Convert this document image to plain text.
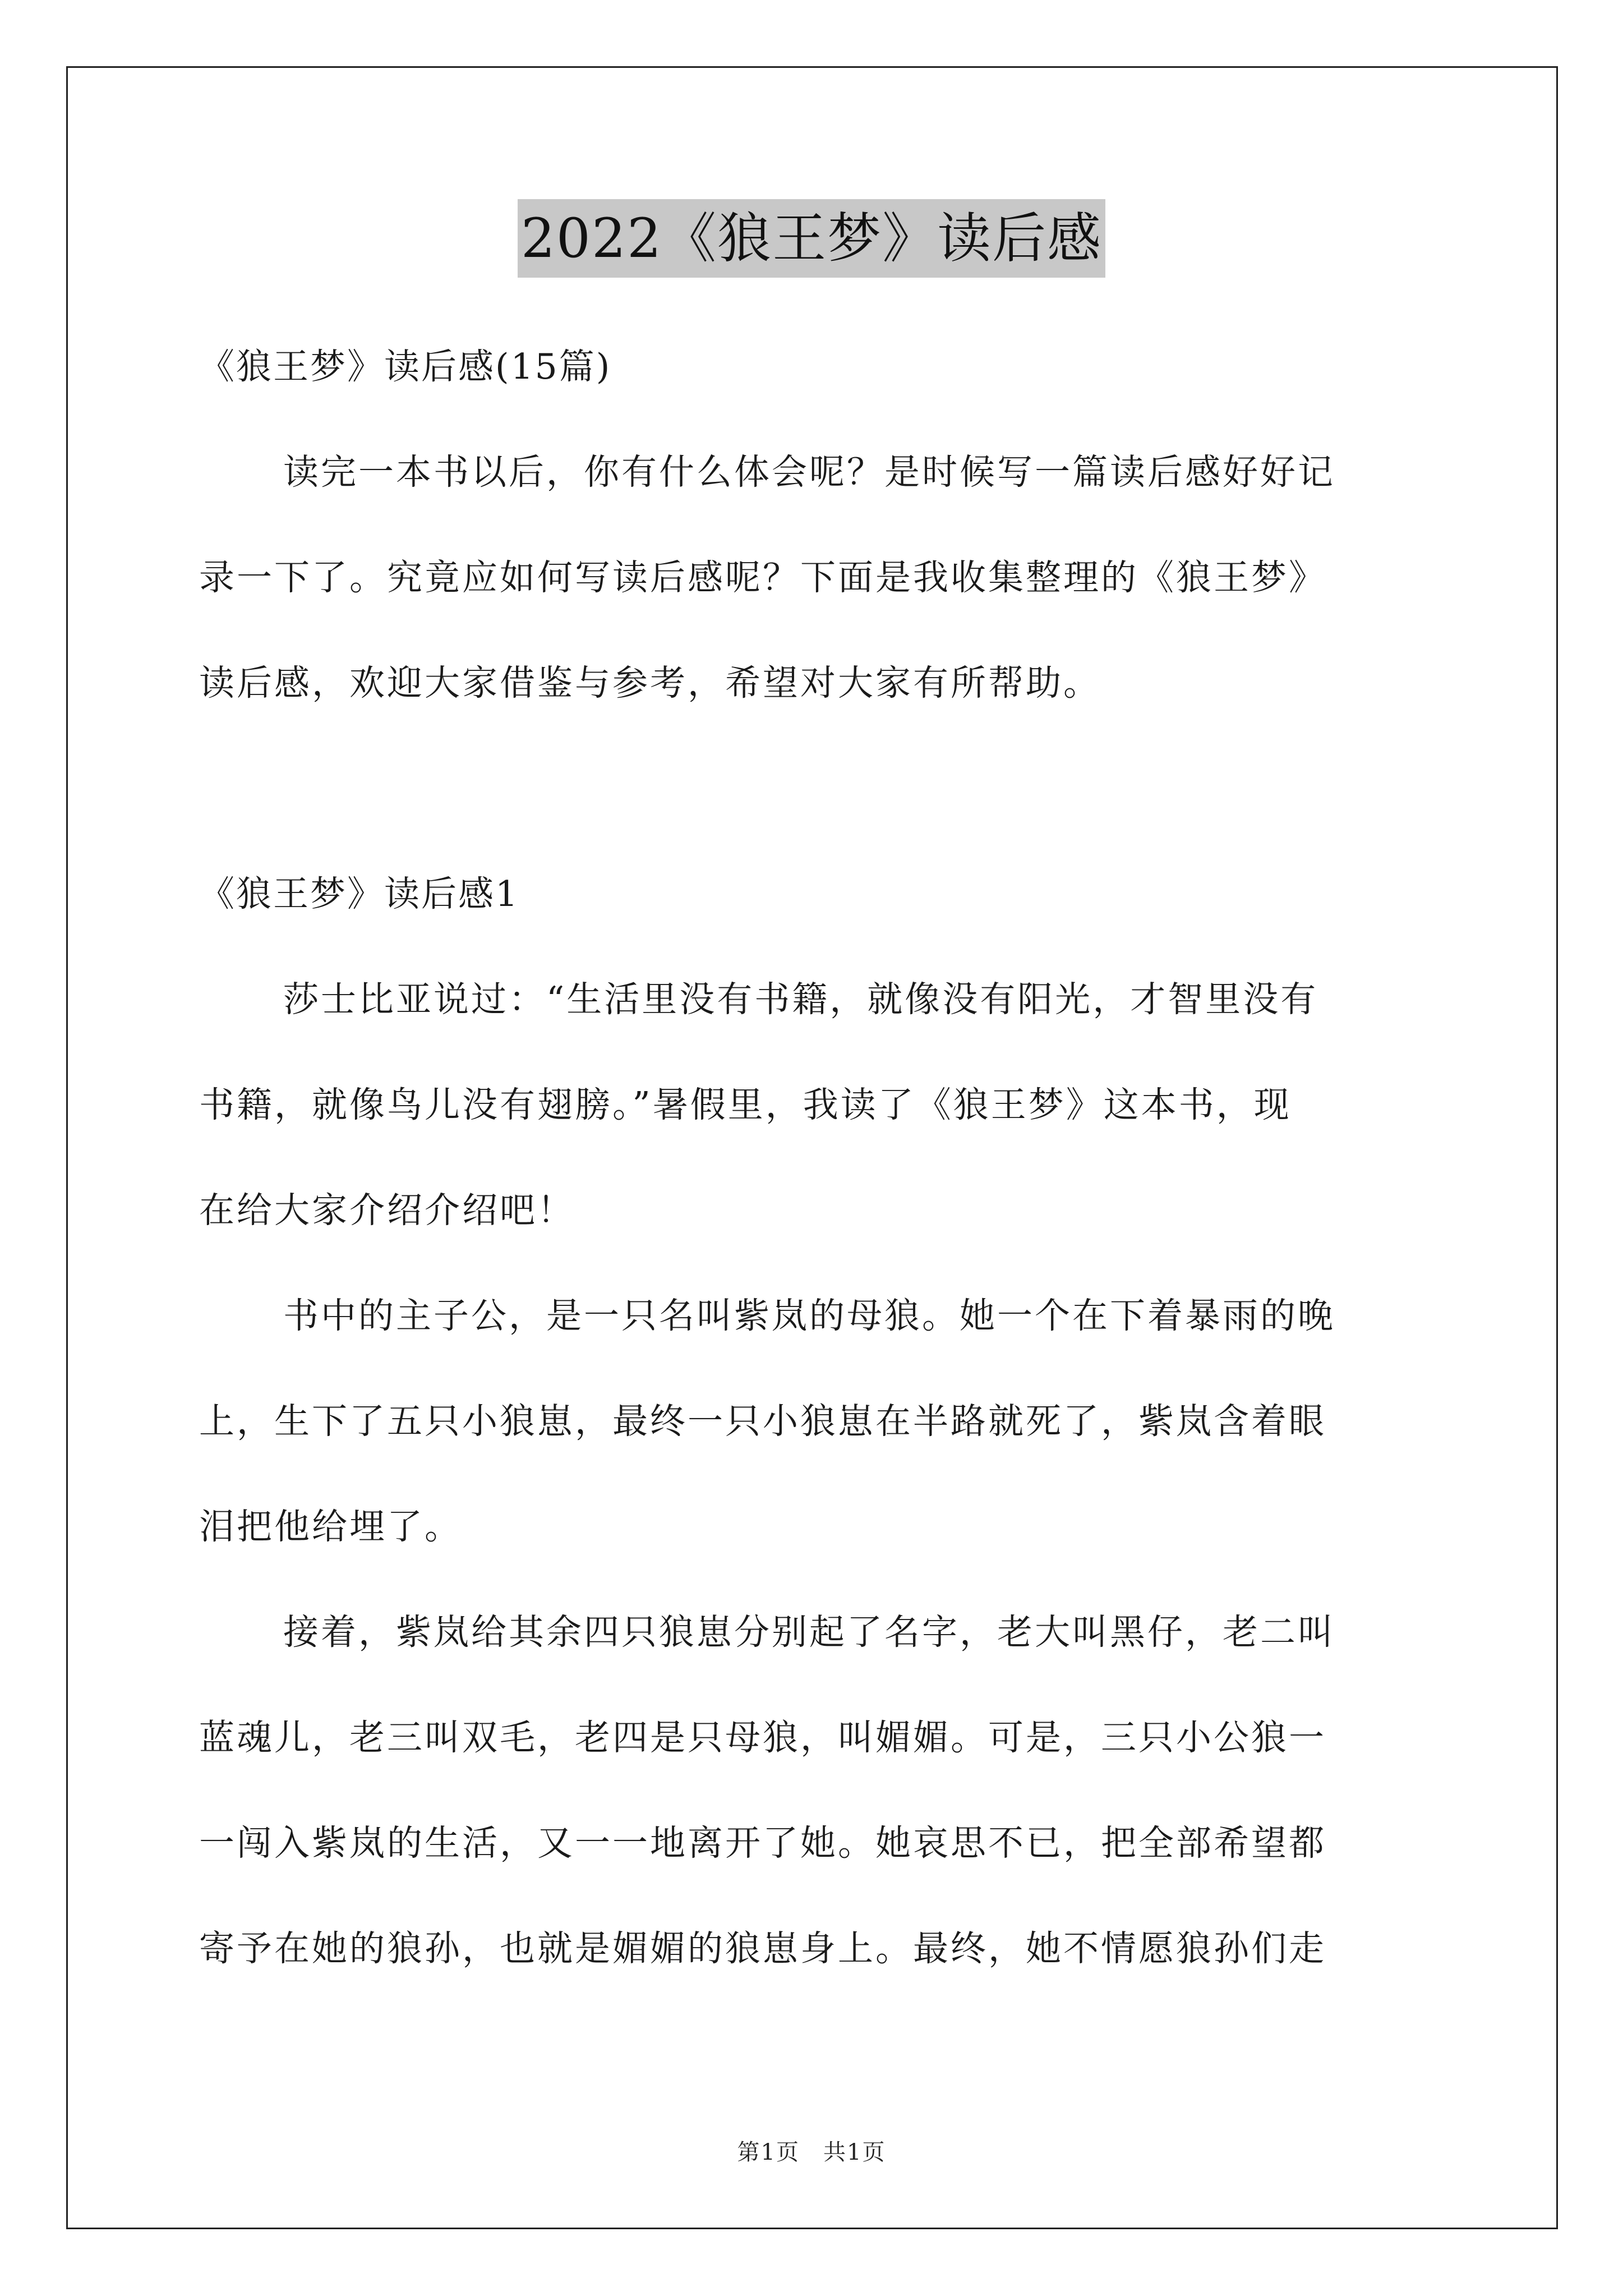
2022《狼王梦》读后感

《狼王梦》读后感(15篇)

读完一本书以后，你有什么体会呢？是时候写一篇读后感好好记

录一下了。究竟应如何写读后感呢？下面是我收集整理的《狼王梦》

读后感，欢迎大家借鉴与参考，希望对大家有所帮助。

《狼王梦》读后感1

莎士比亚说过：“生活里没有书籍，就像没有阳光，才智里没有

书籍，就像鸟儿没有翅膀。”暑假里，我读了《狼王梦》这本书，现

在给大家介绍介绍吧！

书中的主子公，是一只名叫紫岚的母狼。她一个在下着暴雨的晚

上，生下了五只小狼崽，最终一只小狼崽在半路就死了，紫岚含着眼

泪把他给埋了。

接着，紫岚给其余四只狼崽分别起了名字，老大叫黑仔，老二叫

蓝魂儿，老三叫双毛，老四是只母狼，叫媚媚。可是，三只小公狼一

一闯入紫岚的生活，又一一地离开了她。她哀思不已，把全部希望都

寄予在她的狼孙，也就是媚媚的狼崽身上。最终，她不情愿狼孙们走

第1页　共1页
